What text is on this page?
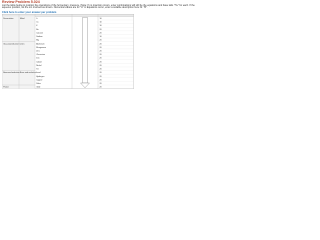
Review Problem 5.024
List the table below to position the operations of the fermentary, pressure, (Note: If no insertion occurs, enter combinations will still be the equations and base tabs "H+" for each. If the aqueous position, list the ion involved as shown. Numerical values are for "A" in Equations occur, enter a suitable description here Nr. "B".
Click here to enter your answer per problem
Dissociation	Metal	Li	10
Cs	10
K	10
Ba	20
Calcium	20
Sodium	10
Mg	20
Gas-and-reduction series	Aluminum	20
Manganese	20
Zinc	20
Chromium	20
Iron	20
Cobalt	20
Nickel	20
Tin	20
Base-and-reduction Base and reduction Lead	20
Hydrogen	20
Copper	20
Silver	20
Proton	Gold	20
